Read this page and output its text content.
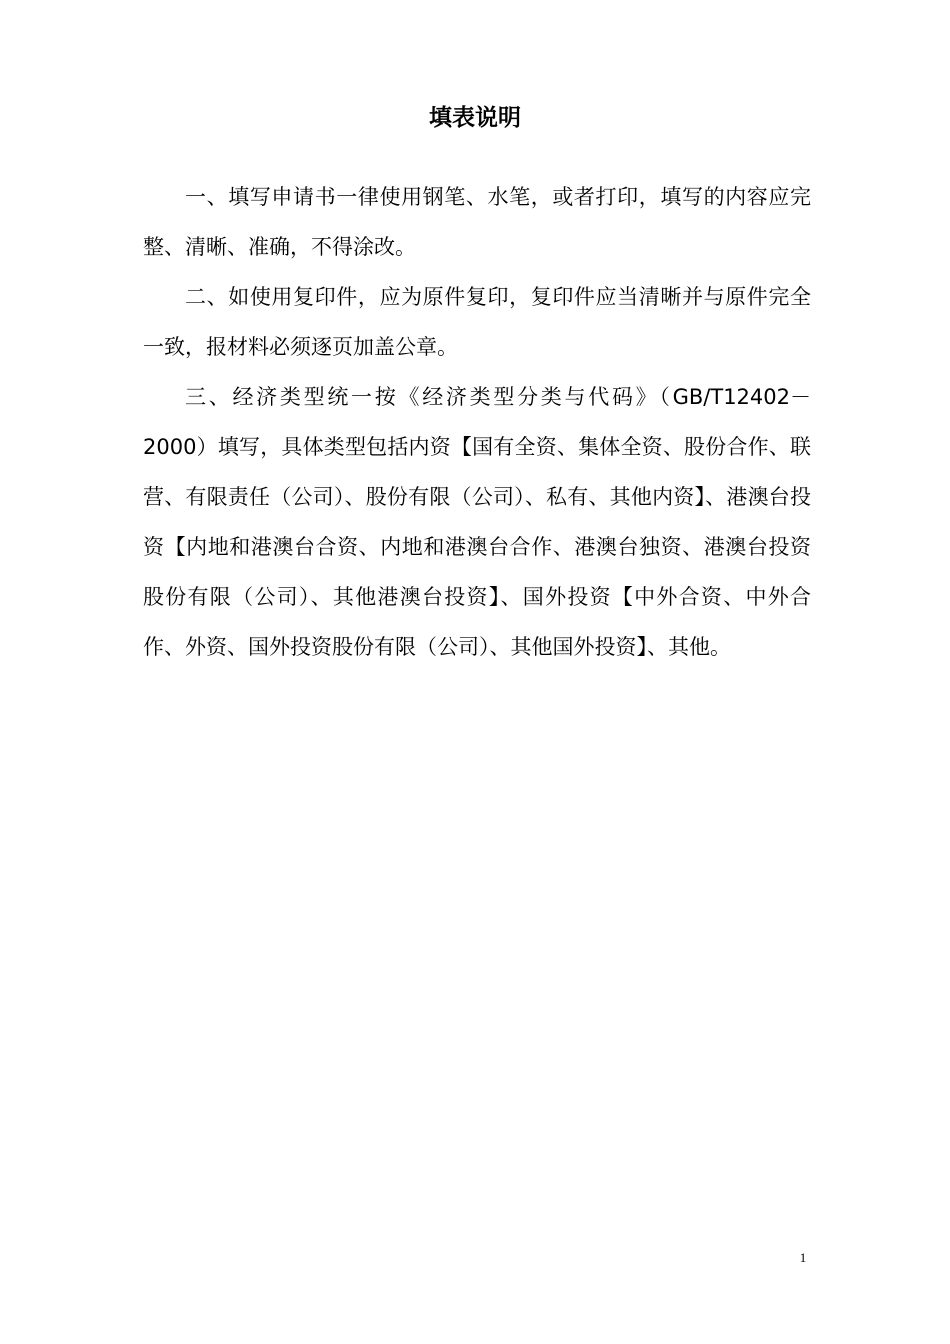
填表说明

一、填写申请书一律使用钢笔、水笔，或者打印，填写的内容应完整、清晰、准确，不得涂改。

二、如使用复印件，应为原件复印，复印件应当清晰并与原件完全一致，报材料必须逐页加盖公章。

三、经济类型统一按《经济类型分类与代码》（GB/T12402－2000）填写，具体类型包括内资【国有全资、集体全资、股份合作、联营、有限责任（公司）、股份有限（公司）、私有、其他内资】、港澳台投资【内地和港澳台合资、内地和港澳台合作、港澳台独资、港澳台投资股份有限（公司）、其他港澳台投资】、国外投资【中外合资、中外合作、外资、国外投资股份有限（公司）、其他国外投资】、其他。

1
